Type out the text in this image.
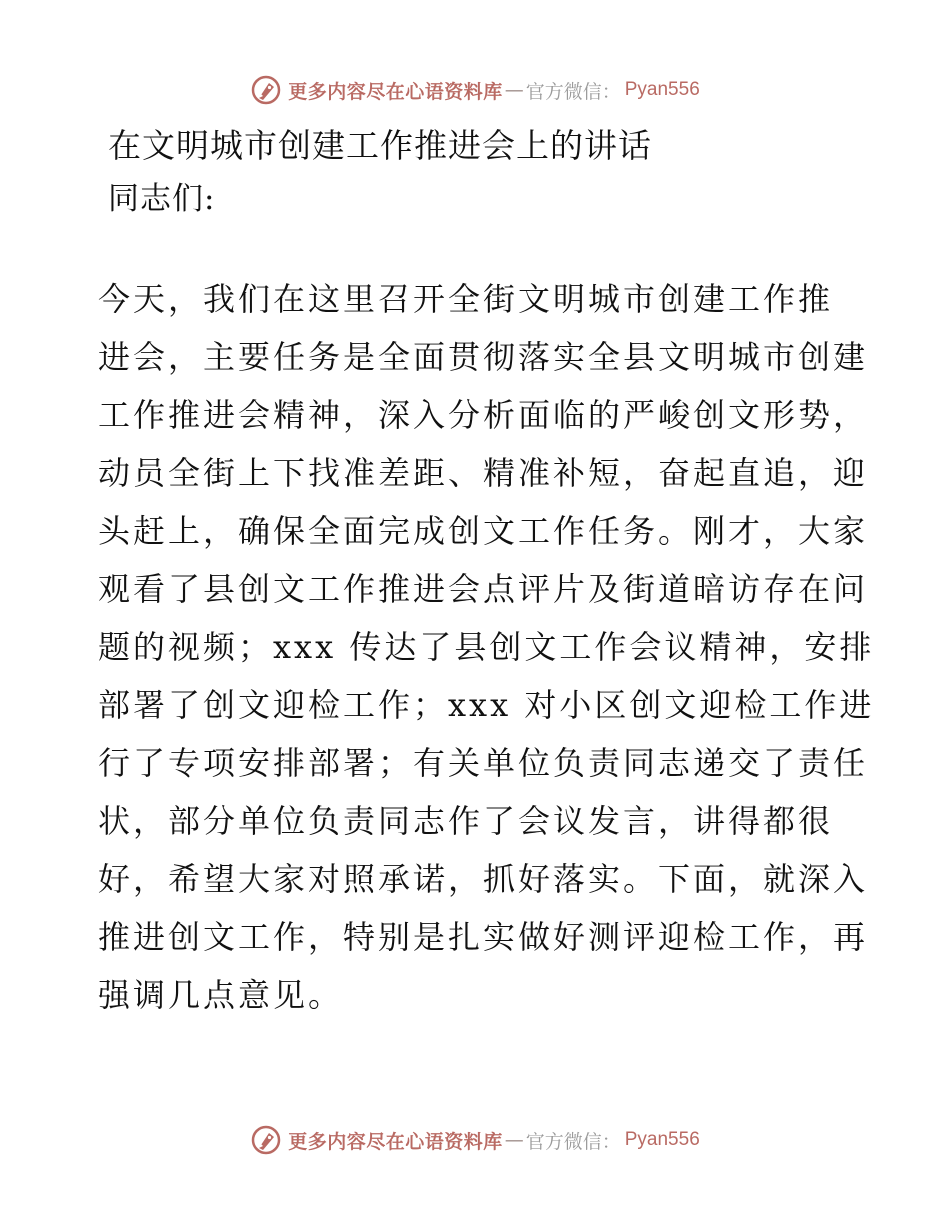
更多内容尽在心语资料库 — 官方微信： Pyan556
在文明城市创建工作推进会上的讲话
同志们:
今天，我们在这里召开全街文明城市创建工作推
进会，主要任务是全面贯彻落实全县文明城市创建
工作推进会精神，深入分析面临的严峻创文形势，
动员全街上下找准差距、精准补短，奋起直追，迎
头赶上，确保全面完成创文工作任务。刚才，大家
观看了县创文工作推进会点评片及街道暗访存在问
题的视频；xxx 传达了县创文工作会议精神，安排
部署了创文迎检工作；xxx 对小区创文迎检工作进
行了专项安排部署；有关单位负责同志递交了责任
状，部分单位负责同志作了会议发言，讲得都很
好，希望大家对照承诺，抓好落实。下面，就深入
推进创文工作，特别是扎实做好测评迎检工作，再
强调几点意见。
更多内容尽在心语资料库 — 官方微信： Pyan556
